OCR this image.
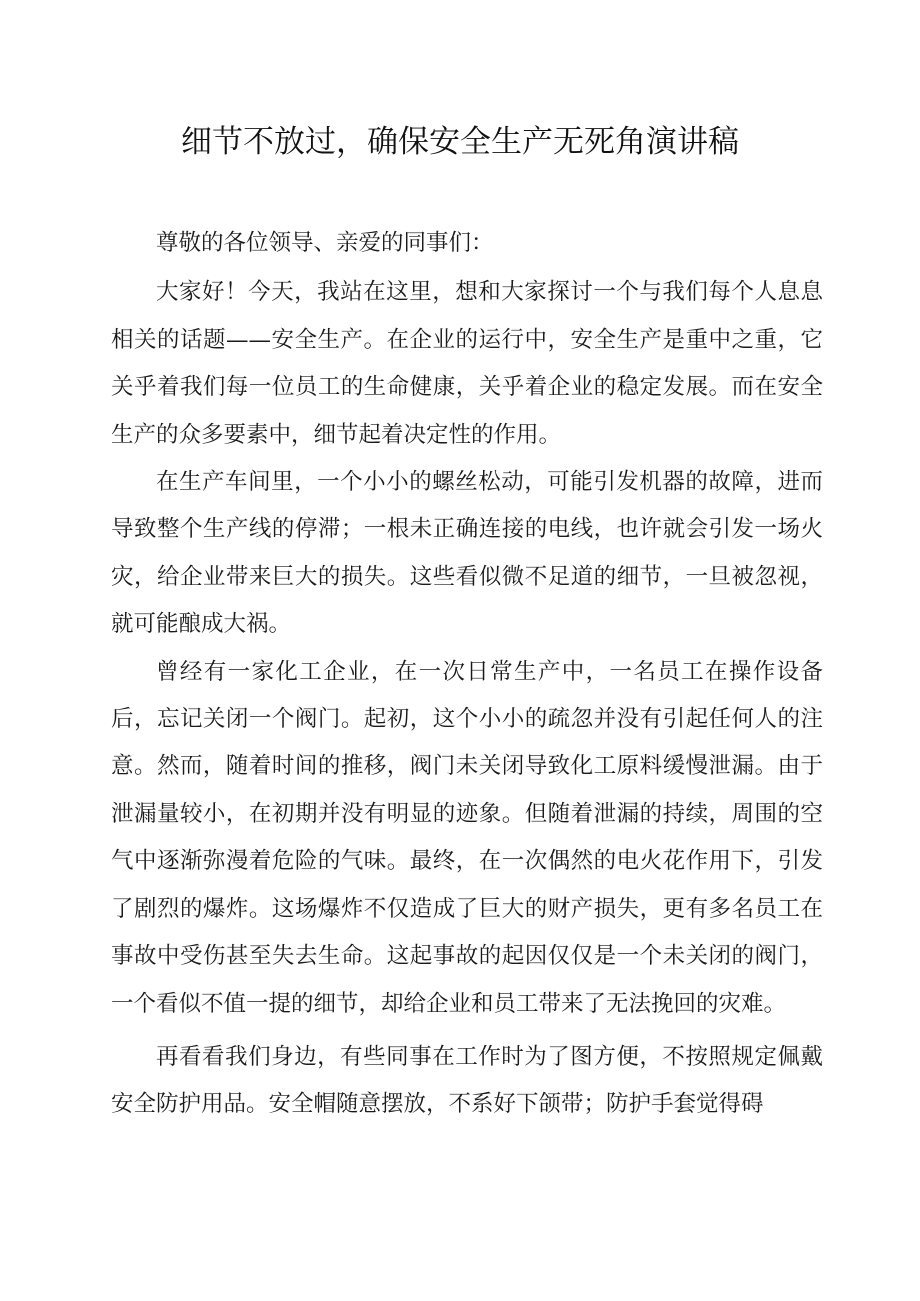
细节不放过，确保安全生产无死角演讲稿

尊敬的各位领导、亲爱的同事们：

大家好！今天，我站在这里，想和大家探讨一个与我们每个人息息相关的话题——安全生产。在企业的运行中，安全生产是重中之重，它关乎着我们每一位员工的生命健康，关乎着企业的稳定发展。而在安全生产的众多要素中，细节起着决定性的作用。

在生产车间里，一个小小的螺丝松动，可能引发机器的故障，进而导致整个生产线的停滞；一根未正确连接的电线，也许就会引发一场火灾，给企业带来巨大的损失。这些看似微不足道的细节，一旦被忽视，就可能酿成大祸。

曾经有一家化工企业，在一次日常生产中，一名员工在操作设备后，忘记关闭一个阀门。起初，这个小小的疏忽并没有引起任何人的注意。然而，随着时间的推移，阀门未关闭导致化工原料缓慢泄漏。由于泄漏量较小，在初期并没有明显的迹象。但随着泄漏的持续，周围的空气中逐渐弥漫着危险的气味。最终，在一次偶然的电火花作用下，引发了剧烈的爆炸。这场爆炸不仅造成了巨大的财产损失，更有多名员工在事故中受伤甚至失去生命。这起事故的起因仅仅是一个未关闭的阀门，一个看似不值一提的细节，却给企业和员工带来了无法挽回的灾难。

再看看我们身边，有些同事在工作时为了图方便，不按照规定佩戴安全防护用品。安全帽随意摆放，不系好下颌带；防护手套觉得碍
